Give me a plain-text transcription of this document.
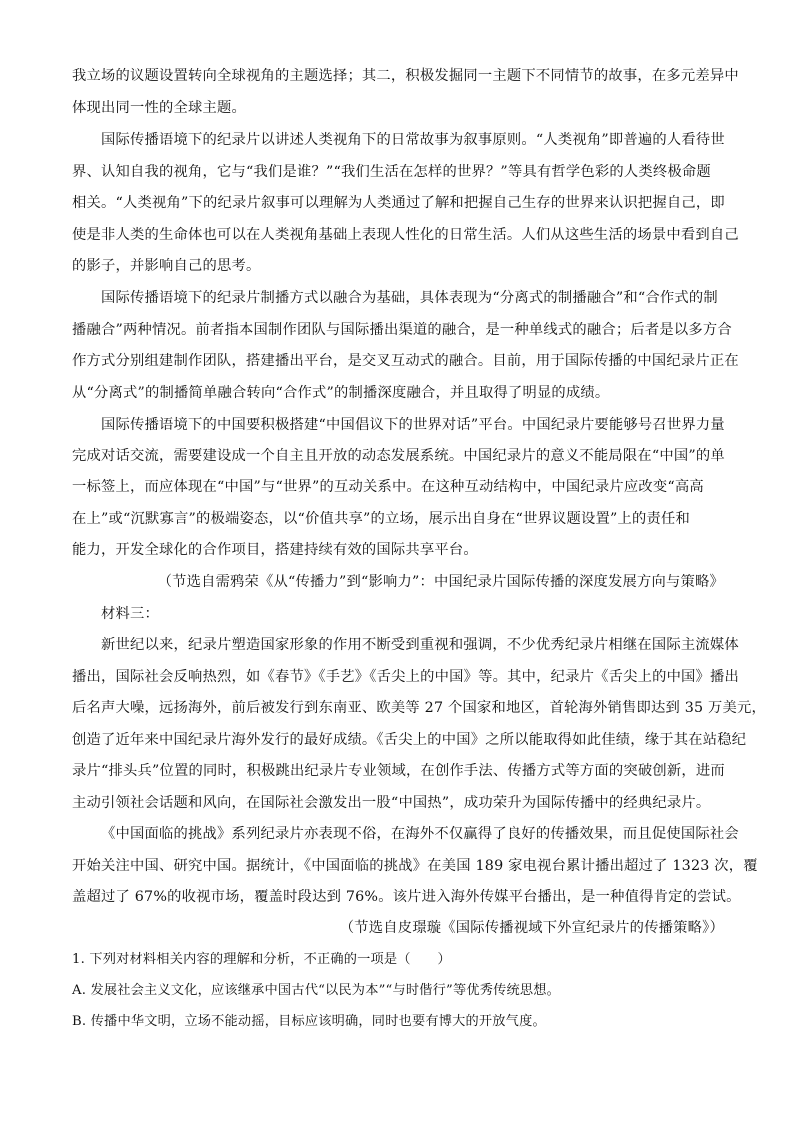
我立场的议题设置转向全球视角的主题选择；其二，积极发掘同一主题下不同情节的故事，在多元差异中
体现出同一性的全球主题。
国际传播语境下的纪录片以讲述人类视角下的日常故事为叙事原则。“人类视角”即普遍的人看待世
界、认知自我的视角，它与“我们是谁？”“我们生活在怎样的世界？”等具有哲学色彩的人类终极命题
相关。“人类视角”下的纪录片叙事可以理解为人类通过了解和把握自己生存的世界来认识把握自己，即
使是非人类的生命体也可以在人类视角基础上表现人性化的日常生活。人们从这些生活的场景中看到自己
的影子，并影响自己的思考。
国际传播语境下的纪录片制播方式以融合为基础，具体表现为“分离式的制播融合”和“合作式的制
播融合”两种情况。前者指本国制作团队与国际播出渠道的融合，是一种单线式的融合；后者是以多方合
作方式分别组建制作团队，搭建播出平台，是交叉互动式的融合。目前，用于国际传播的中国纪录片正在
从“分离式”的制播简单融合转向“合作式”的制播深度融合，并且取得了明显的成绩。
国际传播语境下的中国要积极搭建“中国倡议下的世界对话”平台。中国纪录片要能够号召世界力量
完成对话交流，需要建设成一个自主且开放的动态发展系统。中国纪录片的意义不能局限在“中国”的单
一标签上，而应体现在“中国”与“世界”的互动关系中。在这种互动结构中，中国纪录片应改变“高高
在上”或“沉默寡言”的极端姿态，以“价值共享”的立场，展示出自身在“世界议题设置”上的责任和
能力，开发全球化的合作项目，搭建持续有效的国际共享平台。
（节选自需鸦荣《从“传播力”到“影响力”：中国纪录片国际传播的深度发展方向与策略》
材料三：
新世纪以来，纪录片塑造国家形象的作用不断受到重视和强调，不少优秀纪录片相继在国际主流媒体
播出，国际社会反响热烈，如《春节》《手艺》《舌尖上的中国》等。其中，纪录片《舌尖上的中国》播出
后名声大噪，远扬海外，前后被发行到东南亚、欧美等 27 个国家和地区，首轮海外销售即达到 35 万美元，
创造了近年来中国纪录片海外发行的最好成绩。《舌尖上的中国》之所以能取得如此佳绩，缘于其在站稳纪
录片“排头兵”位置的同时，积极跳出纪录片专业领域，在创作手法、传播方式等方面的突破创新，进而
主动引领社会话题和风向，在国际社会激发出一股“中国热”，成功荣升为国际传播中的经典纪录片。
《中国面临的挑战》系列纪录片亦表现不俗，在海外不仅赢得了良好的传播效果，而且促使国际社会
开始关注中国、研究中国。据统计，《中国面临的挑战》在美国 189 家电视台累计播出超过了 1323 次，覆
盖超过了 67%的收视市场，覆盖时段达到 76%。该片进入海外传媒平台播出，是一种值得肯定的尝试。
（节选自皮璟璇《国际传播视域下外宣纪录片的传播策略》）
1. 下列对材料相关内容的理解和分析，不正确的一项是（　　）
A. 发展社会主义文化，应该继承中国古代“以民为本”“与时偕行”等优秀传统思想。
B. 传播中华文明，立场不能动摇，目标应该明确，同时也要有博大的开放气度。
